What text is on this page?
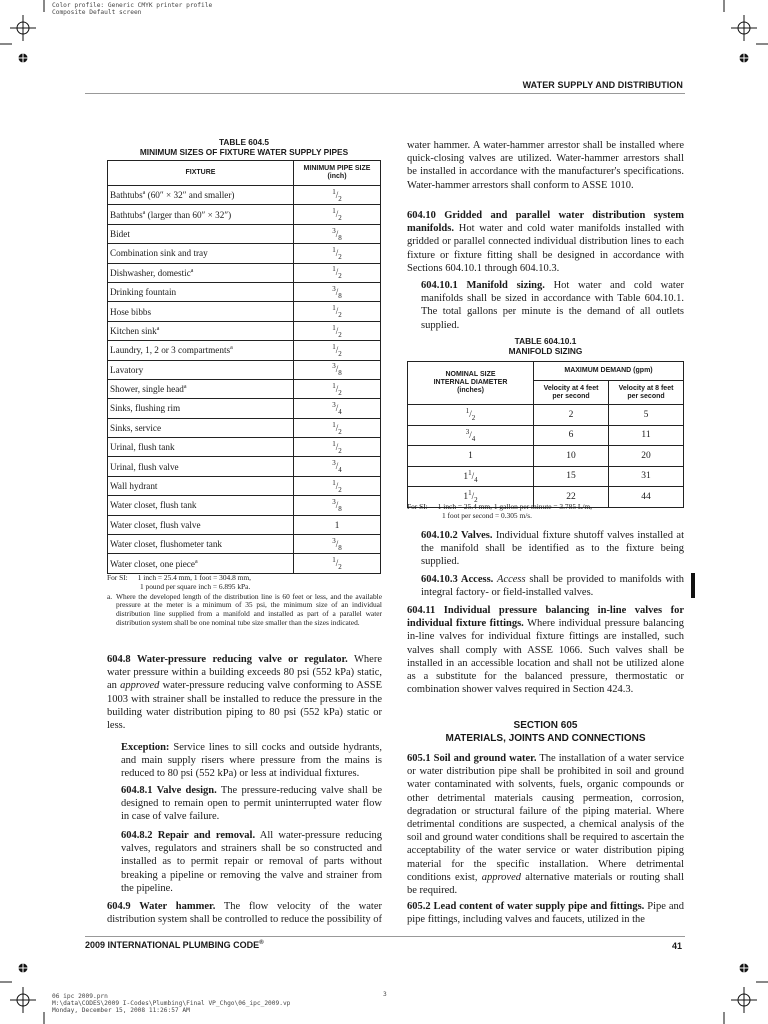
Color profile: Generic CMYK printer profile
Composite Default screen
WATER SUPPLY AND DISTRIBUTION
TABLE 604.5
MINIMUM SIZES OF FIXTURE WATER SUPPLY PIPES
FIXTURE	MINIMUM PIPE SIZE
(inch)
Bathtubs$^a$ (60″ × 32″ and smaller)	$^1/_2$
Bathtubs$^a$ (larger than 60″ × 32″)	$^1/_2$
Bidet	$^3/_8$
Combination sink and tray	$^1/_2$
Dishwasher, domestic$^a$	$^1/_2$
Drinking fountain	$^3/_8$
Hose bibbs	$^1/_2$
Kitchen sink$^a$	$^1/_2$
Laundry, 1, 2 or 3 compartments$^a$	$^1/_2$
Lavatory	$^3/_8$
Shower, single head$^a$	$^1/_2$
Sinks, flushing rim	$^3/_4$
Sinks, service	$^1/_2$
Urinal, flush tank	$^1/_2$
Urinal, flush valve	$^3/_4$
Wall hydrant	$^1/_2$
Water closet, flush tank	$^3/_8$
Water closet, flush valve	1
Water closet, flushometer tank	$^3/_8$
Water closet, one piece$^a$	$^1/_2$
For SI: 1 inch = 25.4 mm, 1 foot = 304.8 mm,
1 pound per square inch = 6.895 kPa.
a. Where the developed length of the distribution line is 60 feet or less, and the available pressure at the meter is a minimum of 35 psi, the minimum size of an individual distribution line supplied from a manifold and installed as part of a parallel water distribution system shall be one nominal tube size smaller than the sizes indicated.
604.8 Water-pressure reducing valve or regulator. Where water pressure within a building exceeds 80 psi (552 kPa) static, an approved water-pressure reducing valve conforming to ASSE 1003 with strainer shall be installed to reduce the pressure in the building water distribution piping to 80 psi (552 kPa) static or less.
Exception: Service lines to sill cocks and outside hydrants, and main supply risers where pressure from the mains is reduced to 80 psi (552 kPa) or less at individual fixtures.
604.8.1 Valve design. The pressure-reducing valve shall be designed to remain open to permit uninterrupted water flow in case of valve failure.
604.8.2 Repair and removal. All water-pressure reducing valves, regulators and strainers shall be so constructed and installed as to permit repair or removal of parts without breaking a pipeline or removing the valve and strainer from the pipeline.
604.9 Water hammer. The flow velocity of the water distribution system shall be controlled to reduce the possibility of
water hammer. A water-hammer arrestor shall be installed where quick-closing valves are utilized. Water-hammer arrestors shall be installed in accordance with the manufacturer's specifications. Water-hammer arrestors shall conform to ASSE 1010.
604.10 Gridded and parallel water distribution system manifolds. Hot water and cold water manifolds installed with gridded or parallel connected individual distribution lines to each fixture or fixture fitting shall be designed in accordance with Sections 604.10.1 through 604.10.3.
604.10.1 Manifold sizing. Hot water and cold water manifolds shall be sized in accordance with Table 604.10.1. The total gallons per minute is the demand of all outlets supplied.
TABLE 604.10.1
MANIFOLD SIZING
NOMINAL SIZE
INTERNAL DIAMETER
(inches)	MAXIMUM DEMAND (gpm)	
	Velocity at 4 feet
per second	Velocity at 8 feet
per second
$^1/_2$	2	5
$^3/_4$	6	11
1	10	20
$1^1/_4$	15	31
$1^1/_2$	22	44
For SI: 1 inch = 25.4 mm, 1 gallon per minute = 3.785 L/m,
1 foot per second = 0.305 m/s.
604.10.2 Valves. Individual fixture shutoff valves installed at the manifold shall be identified as to the fixture being supplied.
604.10.3 Access. Access shall be provided to manifolds with integral factory- or field-installed valves.
604.11 Individual pressure balancing in-line valves for individual fixture fittings. Where individual pressure balancing in-line valves for individual fixture fittings are installed, such valves shall comply with ASSE 1066. Such valves shall be installed in an accessible location and shall not be utilized alone as a substitute for the balanced pressure, thermostatic or combination shower valves required in Section 424.3.
SECTION 605
MATERIALS, JOINTS AND CONNECTIONS
605.1 Soil and ground water. The installation of a water service or water distribution pipe shall be prohibited in soil and ground water contaminated with solvents, fuels, organic compounds or other detrimental materials causing permeation, corrosion, degradation or structural failure of the piping material. Where detrimental conditions are suspected, a chemical analysis of the soil and ground water conditions shall be required to ascertain the acceptability of the water service or water distribution piping material for the specific installation. Where detrimental conditions exist, approved alternative materials or routing shall be required.
605.2 Lead content of water supply pipe and fittings. Pipe and pipe fittings, including valves and faucets, utilized in the
2009 INTERNATIONAL PLUMBING CODE®	41
06 ipc 2009.prn
M:\data\CODES\2009 I-Codes\Plumbing\Final VP_Chgo\06_ipc_2009.vp
Monday, December 15, 2008 11:26:57 AM
3
